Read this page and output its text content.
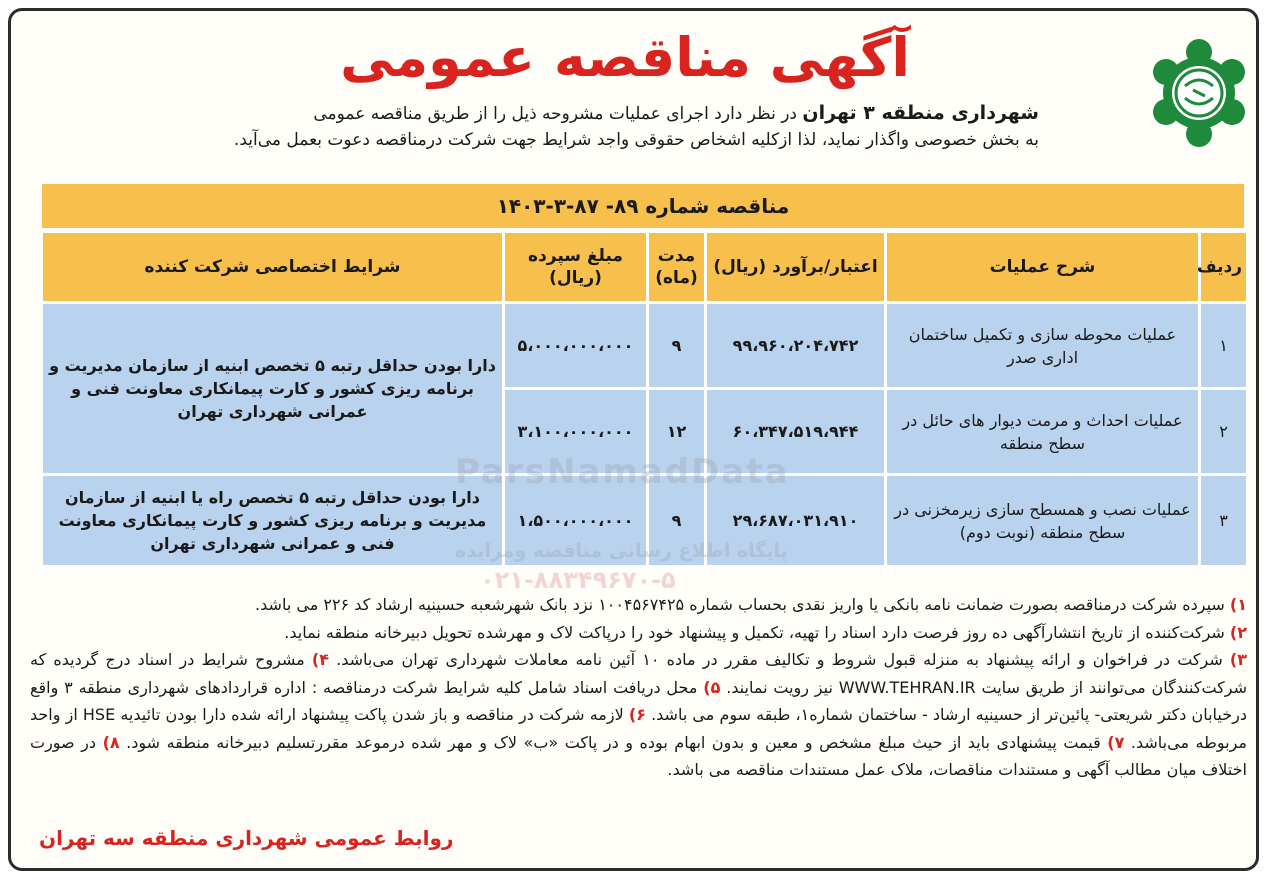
آگهی مناقصه عمومی
شهرداری منطقه ۳ تهران در نظر دارد اجرای عملیات مشروحه ذیل را از طریق مناقصه عمومی
به بخش خصوصی واگذار نماید، لذا ازکلیه اشخاص حقوقی واجد شرایط جهت شرکت درمناقصه دعوت بعمل می‌آید.
مناقصه شماره ۸۹- ۸۷-۳-۱۴۰۳
ردیف	شرح عملیات	اعتبار/برآورد (ریال)	مدت (ماه)	مبلغ سپرده (ریال)	شرایط اختصاصی شرکت کننده
۱	عملیات محوطه سازی و تکمیل ساختمان اداری صدر	۹۹،۹۶۰،۲۰۴،۷۴۲	۹	۵،۰۰۰،۰۰۰،۰۰۰	دارا بودن حداقل رتبه ۵ تخصص ابنیه از سازمان مدیریت و برنامه ریزی کشور و کارت پیمانکاری معاونت فنی و عمرانی شهرداری تهران
۲	عملیات احداث و مرمت دیوار های حائل در سطح منطقه	۶۰،۳۴۷،۵۱۹،۹۴۴	۱۲	۳،۱۰۰،۰۰۰،۰۰۰	
۳	عملیات نصب و همسطح سازی زیرمخزنی در سطح منطقه (نوبت دوم)	۲۹،۶۸۷،۰۳۱،۹۱۰	۹	۱،۵۰۰،۰۰۰،۰۰۰	دارا بودن حداقل رتبه ۵ تخصص راه یا ابنیه از سازمان مدیریت و برنامه ریزی کشور و کارت پیمانکاری معاونت فنی و عمرانی شهرداری تهران
ParsNamadData
پایگاه اطلاع رسانی مناقصه ومزایده
۰۲۱-۸۸۳۴۹۶۷۰-۵
۱) سپرده شرکت درمناقصه بصورت ضمانت نامه بانکی یا واریز نقدی بحساب شماره ۱۰۰۴۵۶۷۴۲۵ نزد بانک شهرشعبه حسینیه ارشاد کد ۲۲۶ می باشد.
۲) شرکت‌کننده از تاریخ انتشارآگهی ده روز فرصت دارد اسناد را تهیه، تکمیل و پیشنهاد خود را درپاکت لاک و مهرشده تحویل دبیرخانه منطقه نماید.
۳) شرکت در فراخوان و ارائه پیشنهاد به منزله قبول شروط و تکالیف مقرر در ماده ۱۰ آئین نامه معاملات شهرداری تهران می‌باشد. ۴) مشروح شرایط در اسناد درج گردیده که شرکت‌کنندگان می‌توانند از طریق سایت WWW.TEHRAN.IR نیز رویت نمایند. ۵) محل دریافت اسناد شامل کلیه شرایط شرکت درمناقصه : اداره قراردادهای شهرداری منطقه ۳ واقع درخیابان دکتر شریعتی- پائین‌تر از حسینیه ارشاد - ساختمان شماره۱، طبقه سوم می باشد. ۶) لازمه شرکت در مناقصه و باز شدن پاکت پیشنهاد ارائه شده دارا بودن تائیدیه HSE از واحد مربوطه می‌باشد. ۷) قیمت پیشنهادی باید از حیث مبلغ مشخص و معین و بدون ابهام بوده و در پاکت «ب» لاک و مهر شده درموعد مقررتسلیم دبیرخانه منطقه شود. ۸) در صورت اختلاف میان مطالب آگهی و مستندات مناقصات، ملاک عمل مستندات مناقصه می باشد.
روابط عمومی شهرداری منطقه سه تهران
